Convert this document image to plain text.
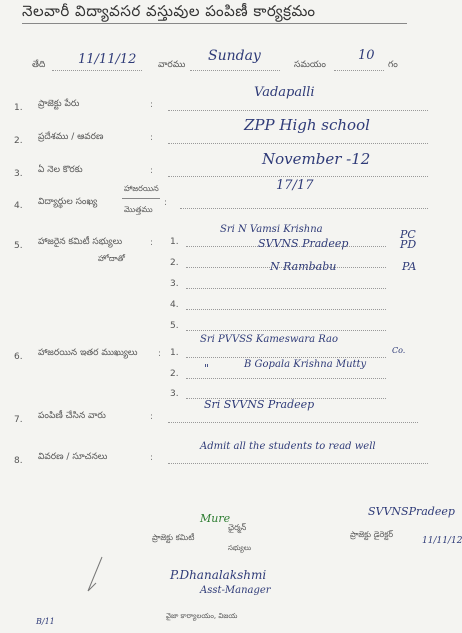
నెలవారీ విద్యావసర వస్తువుల పంపిణీ కార్యక్రమం
తేది	11/11/12 వారము
Sunday
సమయం
10
గం
1. ప్రాజెక్టు పేరు	:
Vadapalli
2. ప్రదేశము / ఆవరణ	:
ZPP High school
3. ఏ నెల కొరకు	:
November -12
4. విద్యార్థుల సంఖ్య
హాజరయిన
మొత్తము
:
17/17
5. హాజరైన కమిటీ సభ్యులు
హోదాతో
: 1.
Sri N Vamsi Krishna	PC
2.
SVVNS Pradeep	PD
3.
N Rambabu	PA
4.
5.
6. హాజరయిన ఇతర ముఖ్యులు : 1.
Sri PVVSS Kameswara Rao
Co.
2. "	B Gopala Krishna Mutty
3.
7. పంపిణీ చేసిన వారు	:
Sri SVVNS Pradeep
8. వివరణ / సూచనలు	:
Admit all the students to read well
Mure
ప్రాజెక్టు కమిటీ
ఛైర్మన్
సభ్యులు
SVVNSPradeep
ప్రాజెక్టు డైరెక్టర్
11/11/12
P.Dhanalakshmi
Asst-Manager
వైజా కార్యాలయం, విజయ
B/11
